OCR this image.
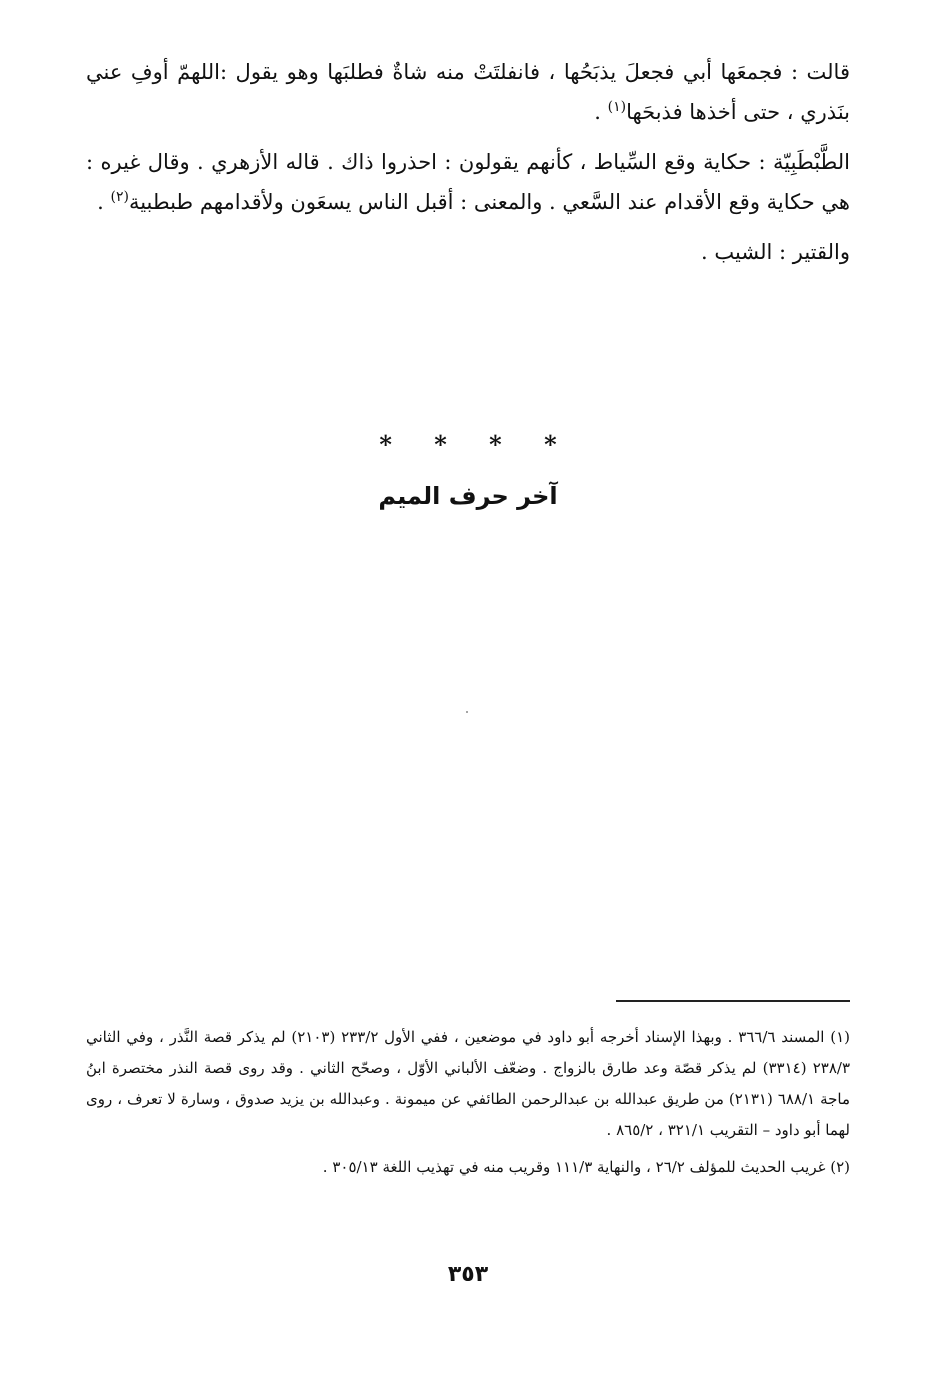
قالت : فجمعَها أبي فجعلَ يذبَحُها ، فانفلتَتْ منه شاةٌ فطلبَها وهو يقول :اللهمّ أوفِ عني بنَذري ، حتى أخذها فذبحَها$^{(١)}$ .

الطَّبْطَبِيّة : حكاية وقع السِّياط ، كأنهم يقولون : احذروا ذاك . قاله الأزهري . وقال غيره : هي حكاية وقع الأقدام عند السَّعي . والمعنى : أقبل الناس يسعَون ولأقدامهم طبطبية$^{(٢)}$ .

والقتير : الشيب .

* * * *
آخر حرف الميم

(١) المسند ٣٦٦/٦ . وبهذا الإسناد أخرجه أبو داود في موضعين ، ففي الأول ٢٣٣/٢ (٢١٠٣) لم يذكر قصة النَّذر ، وفي الثاني ٢٣٨/٣ (٣٣١٤) لم يذكر قصّة وعد طارق بالزواج . وضعّف الألباني الأوّل ، وصحّح الثاني . وقد روى قصة النذر مختصرة ابنُ ماجة ٦٨٨/١ (٢١٣١) من طريق عبدالله بن عبدالرحمن الطائفي عن ميمونة . وعبدالله بن يزيد صدوق ، وسارة لا تعرف ، روى لهما أبو داود – التقريب ٣٢١/١ ، ٨٦٥/٢ .

(٢) غريب الحديث للمؤلف ٢٦/٢ ، والنهاية ١١١/٣ وقريب منه في تهذيب اللغة ٣٠٥/١٣ .

٣٥٣
